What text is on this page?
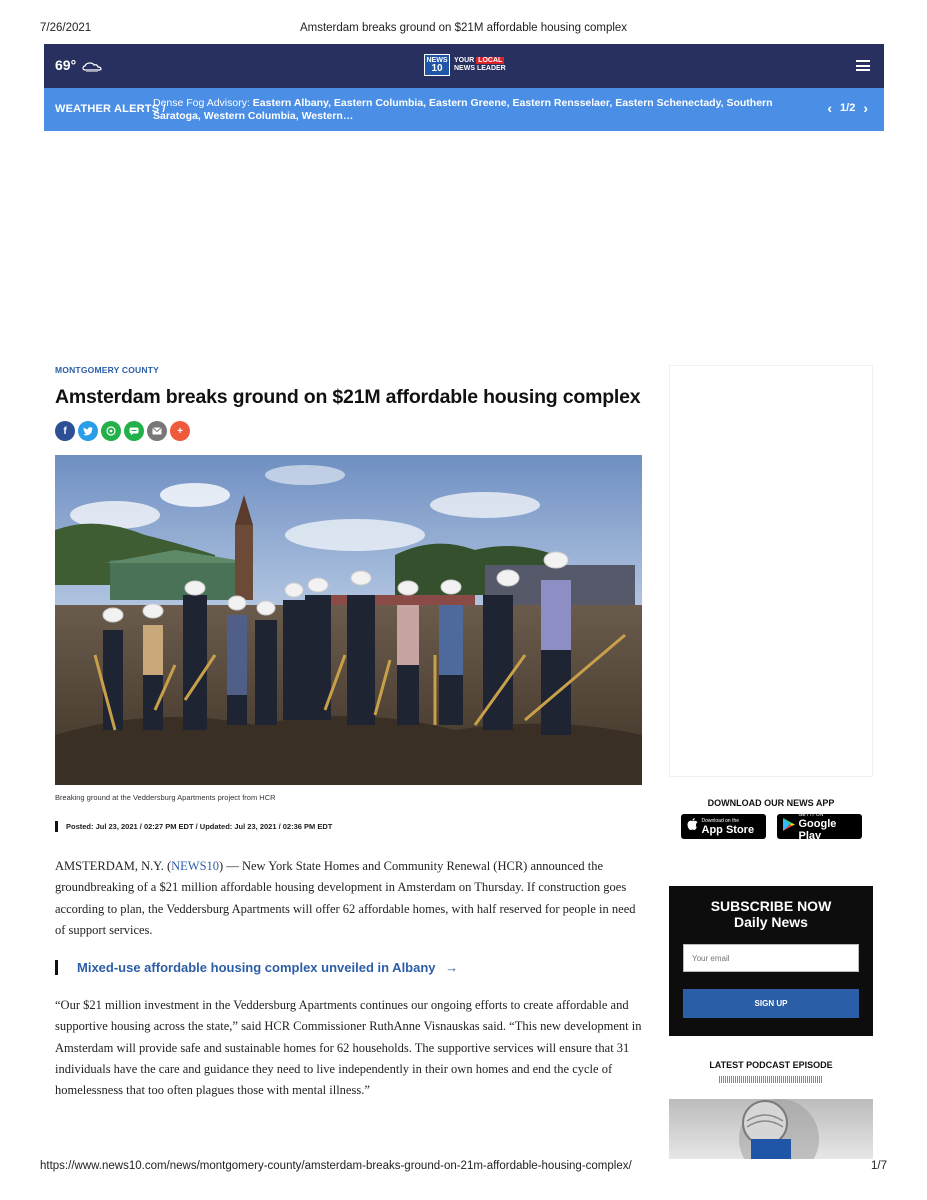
7/26/2021	Amsterdam breaks ground on $21M affordable housing complex
69°	NEWS
10
YOUR LOCAL
NEWS LEADER
WEATHER ALERTS /
Dense Fog Advisory: Eastern Albany, Eastern Columbia, Eastern Greene, Eastern Rensselaer, Eastern Schenectady, Southern Saratoga, Western Columbia, Western…	‹ 1/2 ›
MONTGOMERY COUNTY
Amsterdam breaks ground on $21M affordable housing complex
f	+
Breaking ground at the Veddersburg Apartments project from HCR
Posted: Jul 23, 2021 / 02:27 PM EDT / Updated: Jul 23, 2021 / 02:36 PM EDT

AMSTERDAM, N.Y. (NEWS10) — New York State Homes and Community Renewal (HCR) announced the groundbreaking of a $21 million affordable housing development in Amsterdam on Thursday. If construction goes according to plan, the Veddersburg Apartments will offer 62 affordable homes, with half reserved for people in need of support services.

Mixed-use affordable housing complex unveiled in Albany →

“Our $21 million investment in the Veddersburg Apartments continues our ongoing efforts to create affordable and supportive housing across the state,” said HCR Commissioner RuthAnne Visnauskas said. “This new development in Amsterdam will provide safe and sustainable homes for 62 households. The supportive services will ensure that 31 individuals have the care and guidance they need to live independently in their own homes and end the cycle of homelessness that too often plagues those with mental illness.”

DOWNLOAD OUR NEWS APP
Download on the
App Store
GET IT ON
Google Play
SUBSCRIBE NOW
Daily News
Your email
SIGN UP
LATEST PODCAST EPISODE
https://www.news10.com/news/montgomery-county/amsterdam-breaks-ground-on-21m-affordable-housing-complex/	1/7
